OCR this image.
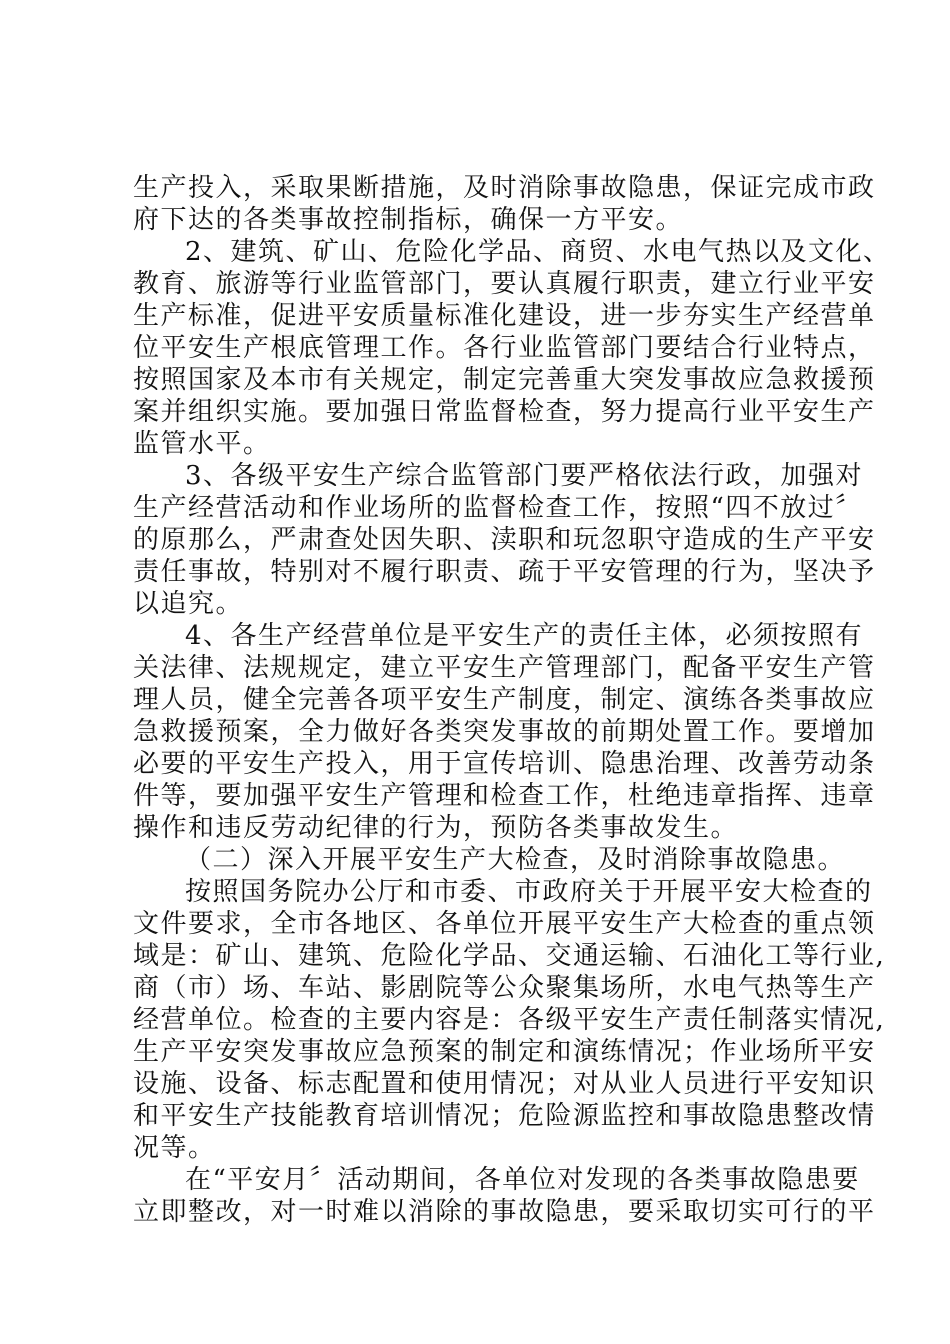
生产投入，采取果断措施，及时消除事故隐患，保证完成市政
府下达的各类事故控制指标，确保一方平安。
2、建筑、矿山、危险化学品、商贸、水电气热以及文化、
教育、旅游等行业监管部门，要认真履行职责，建立行业平安
生产标准，促进平安质量标准化建设，进一步夯实生产经营单
位平安生产根底管理工作。各行业监管部门要结合行业特点，
按照国家及本市有关规定，制定完善重大突发事故应急救援预
案并组织实施。要加强日常监督检查，努力提高行业平安生产
监管水平。
3、各级平安生产综合监管部门要严格依法行政，加强对
生产经营活动和作业场所的监督检查工作，按照“四不放过〞
的原那么，严肃查处因失职、渎职和玩忽职守造成的生产平安
责任事故，特别对不履行职责、疏于平安管理的行为，坚决予
以追究。
4、各生产经营单位是平安生产的责任主体，必须按照有
关法律、法规规定，建立平安生产管理部门，配备平安生产管
理人员，健全完善各项平安生产制度，制定、演练各类事故应
急救援预案，全力做好各类突发事故的前期处置工作。要增加
必要的平安生产投入，用于宣传培训、隐患治理、改善劳动条
件等，要加强平安生产管理和检查工作，杜绝违章指挥、违章
操作和违反劳动纪律的行为，预防各类事故发生。
（二）深入开展平安生产大检查，及时消除事故隐患。
按照国务院办公厅和市委、市政府关于开展平安大检查的
文件要求，全市各地区、各单位开展平安生产大检查的重点领
域是：矿山、建筑、危险化学品、交通运输、石油化工等行业,
商（市）场、车站、影剧院等公众聚集场所，水电气热等生产
经营单位。检查的主要内容是：各级平安生产责任制落实情况,
生产平安突发事故应急预案的制定和演练情况；作业场所平安
设施、设备、标志配置和使用情况；对从业人员进行平安知识
和平安生产技能教育培训情况；危险源监控和事故隐患整改情
况等。
在“平安月〞活动期间，各单位对发现的各类事故隐患要
立即整改，对一时难以消除的事故隐患，要采取切实可行的平
